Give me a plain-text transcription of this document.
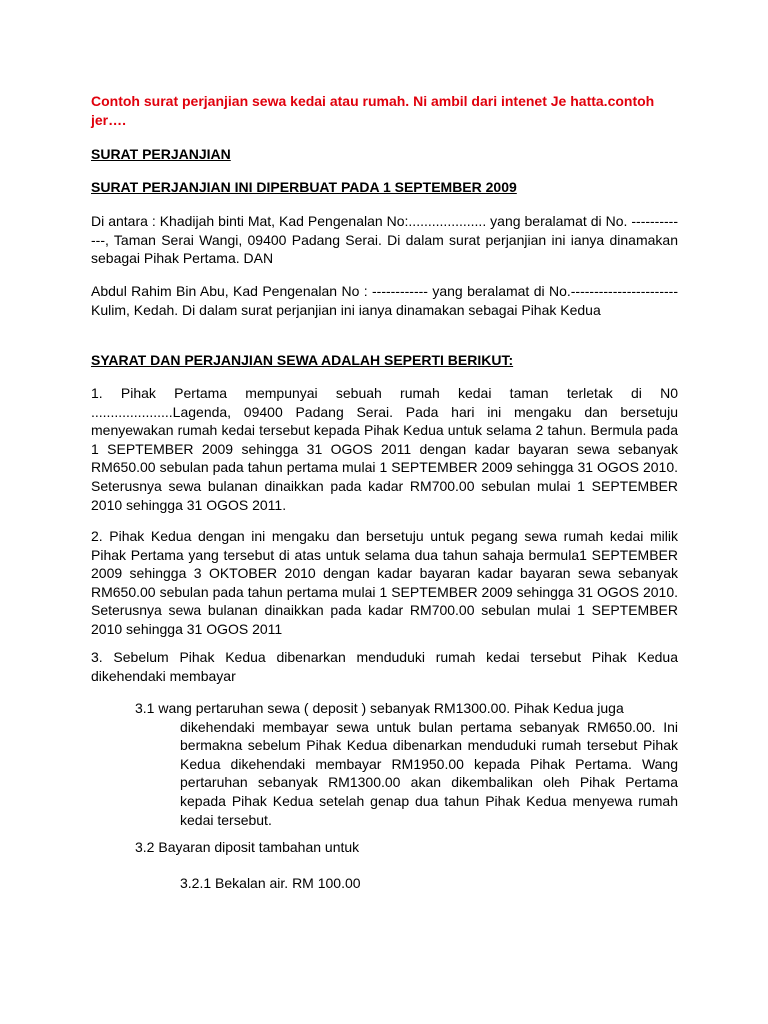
Contoh surat perjanjian sewa kedai atau rumah. Ni ambil dari intenet Je hatta.contoh jer….

SURAT PERJANJIAN

SURAT PERJANJIAN INI DIPERBUAT PADA 1 SEPTEMBER 2009

Di antara : Khadijah binti Mat, Kad Pengenalan No:.................... yang beralamat di No. -------------, Taman Serai Wangi, 09400 Padang Serai. Di dalam surat perjanjian ini ianya dinamakan sebagai Pihak Pertama. DAN

Abdul Rahim Bin Abu, Kad Pengenalan No : ------------ yang beralamat di No.----------------------- Kulim, Kedah. Di dalam surat perjanjian ini ianya dinamakan sebagai Pihak Kedua

SYARAT DAN PERJANJIAN SEWA ADALAH SEPERTI BERIKUT:

1. Pihak Pertama mempunyai sebuah rumah kedai taman terletak di N0 .....................Lagenda, 09400 Padang Serai. Pada hari ini mengaku dan bersetuju menyewakan rumah kedai tersebut kepada Pihak Kedua untuk selama 2 tahun. Bermula pada 1 SEPTEMBER 2009 sehingga 31 OGOS 2011 dengan kadar bayaran sewa sebanyak RM650.00 sebulan pada tahun pertama mulai 1 SEPTEMBER 2009 sehingga 31 OGOS 2010. Seterusnya sewa bulanan dinaikkan pada kadar RM700.00 sebulan mulai 1 SEPTEMBER 2010 sehingga 31 OGOS 2011.

2. Pihak Kedua dengan ini mengaku dan bersetuju untuk pegang sewa rumah kedai milik Pihak Pertama yang tersebut di atas untuk selama dua tahun sahaja bermula1 SEPTEMBER 2009 sehingga 3 OKTOBER 2010 dengan kadar bayaran kadar bayaran sewa sebanyak RM650.00 sebulan pada tahun pertama mulai 1 SEPTEMBER 2009 sehingga 31 OGOS 2010. Seterusnya sewa bulanan dinaikkan pada kadar RM700.00 sebulan mulai 1 SEPTEMBER 2010 sehingga 31 OGOS 2011

3. Sebelum Pihak Kedua dibenarkan menduduki rumah kedai tersebut Pihak Kedua dikehendaki membayar

3.1 wang pertaruhan sewa ( deposit ) sebanyak RM1300.00. Pihak Kedua juga
dikehendaki membayar sewa untuk bulan pertama sebanyak RM650.00. Ini bermakna sebelum Pihak Kedua dibenarkan menduduki rumah tersebut Pihak Kedua dikehendaki membayar RM1950.00 kepada Pihak Pertama. Wang pertaruhan sebanyak RM1300.00 akan dikembalikan oleh Pihak Pertama kepada Pihak Kedua setelah genap dua tahun Pihak Kedua menyewa rumah kedai tersebut.

3.2 Bayaran diposit tambahan untuk

3.2.1 Bekalan air. RM 100.00
